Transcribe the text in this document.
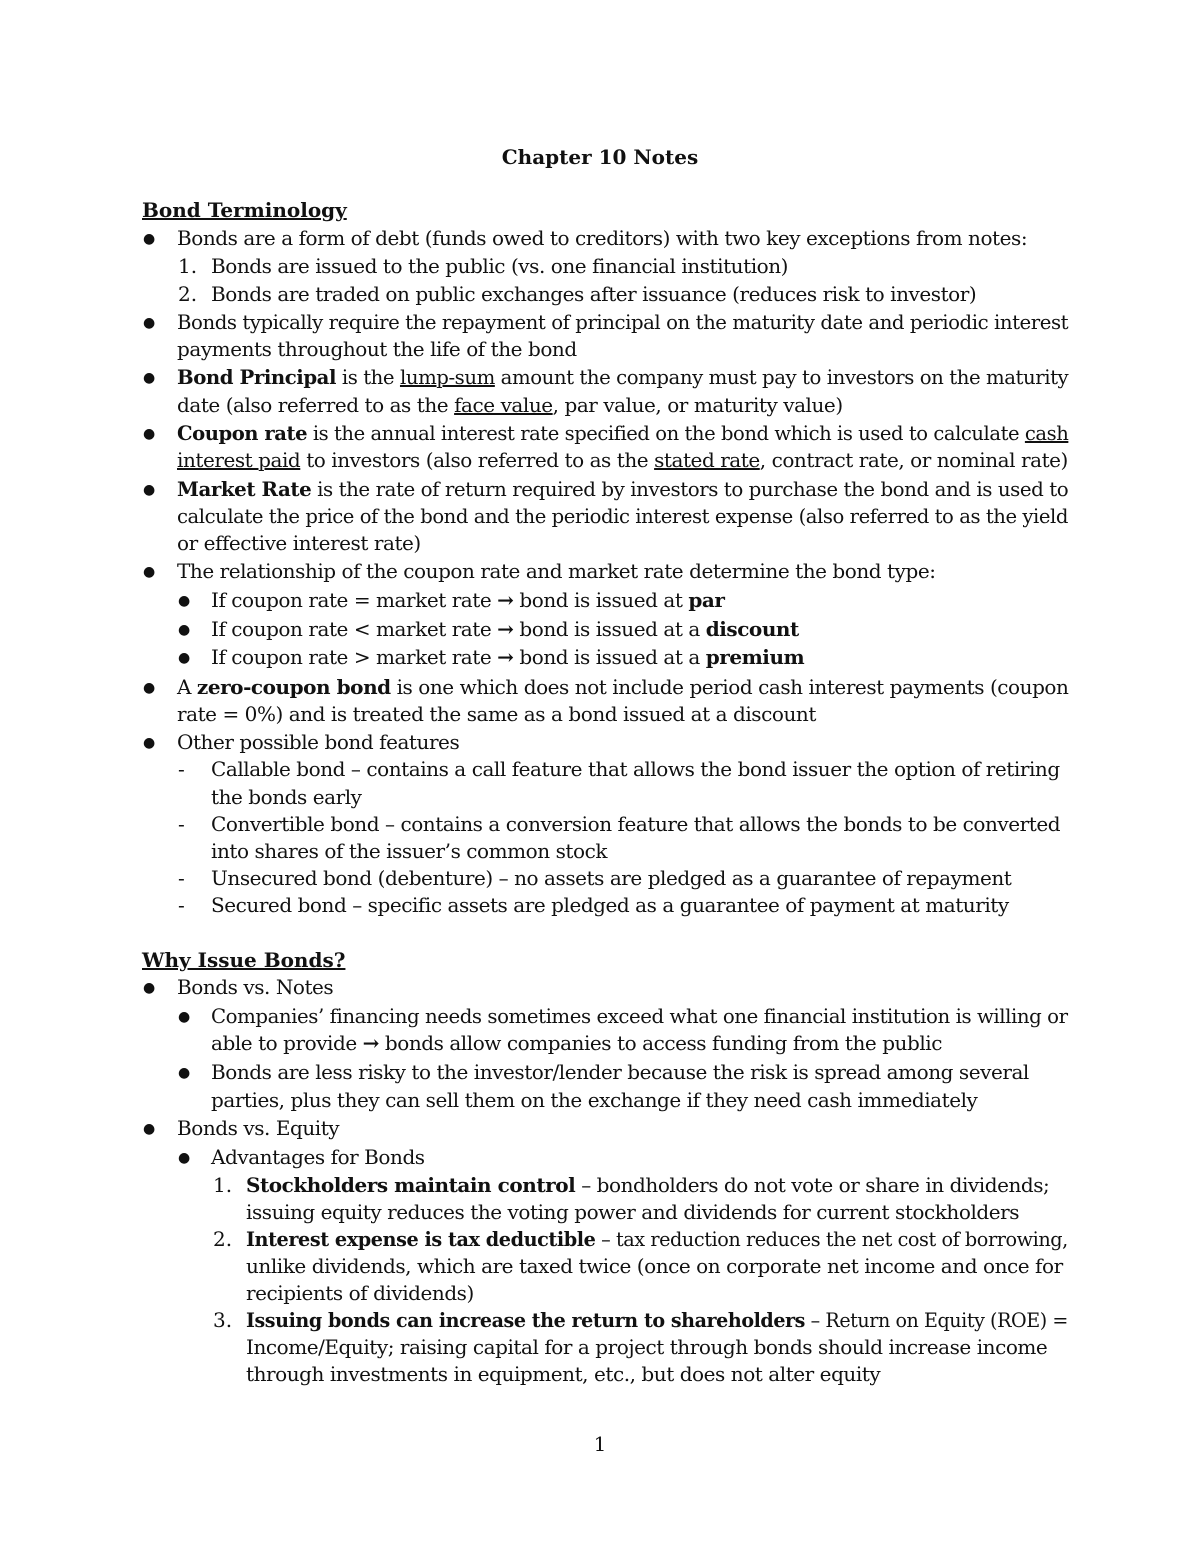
Chapter 10 Notes
Bond Terminology
● Bonds are a form of debt (funds owed to creditors) with two key exceptions from notes:
1. Bonds are issued to the public (vs. one financial institution)
2. Bonds are traded on public exchanges after issuance (reduces risk to investor)
● Bonds typically require the repayment of principal on the maturity date and periodic interest
payments throughout the life of the bond
● Bond Principal is the lump-sum amount the company must pay to investors on the maturity
date (also referred to as the face value, par value, or maturity value)
● Coupon rate is the annual interest rate specified on the bond which is used to calculate cash
interest paid to investors (also referred to as the stated rate, contract rate, or nominal rate)
● Market Rate is the rate of return required by investors to purchase the bond and is used to
calculate the price of the bond and the periodic interest expense (also referred to as the yield
or effective interest rate)
● The relationship of the coupon rate and market rate determine the bond type:
● If coupon rate = market rate → bond is issued at par
● If coupon rate < market rate → bond is issued at a discount
● If coupon rate > market rate → bond is issued at a premium
● A zero-coupon bond is one which does not include period cash interest payments (coupon
rate = 0%) and is treated the same as a bond issued at a discount
● Other possible bond features
- Callable bond – contains a call feature that allows the bond issuer the option of retiring
the bonds early
- Convertible bond – contains a conversion feature that allows the bonds to be converted
into shares of the issuer’s common stock
- Unsecured bond (debenture) – no assets are pledged as a guarantee of repayment
- Secured bond – specific assets are pledged as a guarantee of payment at maturity
Why Issue Bonds?
● Bonds vs. Notes
● Companies’ financing needs sometimes exceed what one financial institution is willing or
able to provide → bonds allow companies to access funding from the public
● Bonds are less risky to the investor/lender because the risk is spread among several
parties, plus they can sell them on the exchange if they need cash immediately
● Bonds vs. Equity
● Advantages for Bonds
1. Stockholders maintain control – bondholders do not vote or share in dividends;
issuing equity reduces the voting power and dividends for current stockholders
2. Interest expense is tax deductible – tax reduction reduces the net cost of borrowing,
unlike dividends, which are taxed twice (once on corporate net income and once for
recipients of dividends)
3. Issuing bonds can increase the return to shareholders – Return on Equity (ROE) =
Income/Equity; raising capital for a project through bonds should increase income
through investments in equipment, etc., but does not alter equity
1
